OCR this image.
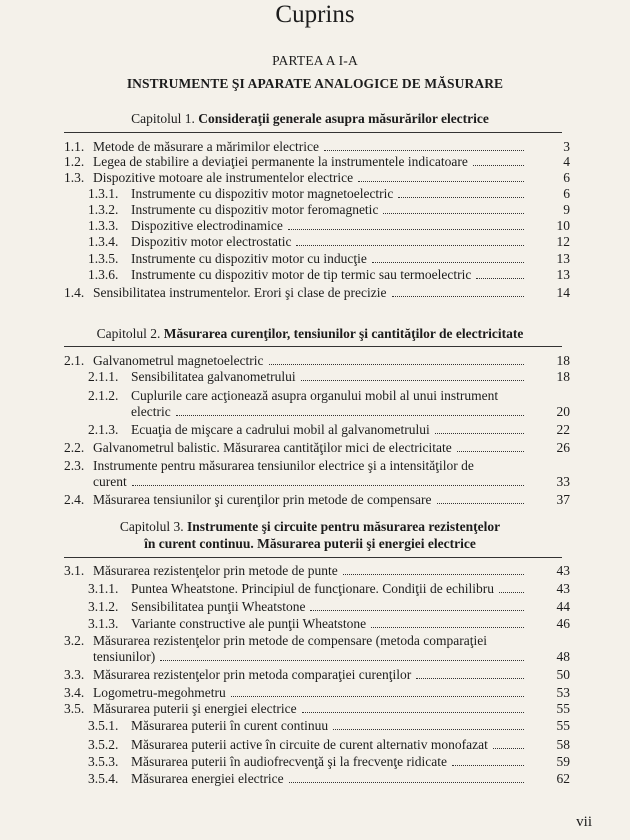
Cuprins
PARTEA A I-A
INSTRUMENTE ŞI APARATE ANALOGICE DE MĂSURARE
Capitolul 1. Consideraţii generale asupra măsurărilor electrice
Capitolul 2. Măsurarea curenţilor, tensiunilor şi cantităţilor de electricitate
Capitolul 3. Instrumente şi circuite pentru măsurarea rezistenţelor
în curent continuu. Măsurarea puterii şi energiei electrice
1.1. Metode de măsurare a mărimilor electrice	3
1.2. Legea de stabilire a deviaţiei permanente la instrumentele indicatoare	4
1.3. Dispozitive motoare ale instrumentelor electrice	6
1.3.1. Instrumente cu dispozitiv motor magnetoelectric	6
1.3.2. Instrumente cu dispozitiv motor feromagnetic	9
1.3.3. Dispozitive electrodinamice	10
1.3.4. Dispozitiv motor electrostatic	12
1.3.5. Instrumente cu dispozitiv motor cu inducţie	13
1.3.6. Instrumente cu dispozitiv motor de tip termic sau termoelectric	13
1.4. Sensibilitatea instrumentelor. Erori şi clase de precizie	14
2.1. Galvanometrul magnetoelectric	18
2.1.1. Sensibilitatea galvanometrului	18
2.1.2. Cuplurile care acţionează asupra organului mobil al unui instrument
electric	20
2.1.3. Ecuaţia de mişcare a cadrului mobil al galvanometrului	22
2.2. Galvanometrul balistic. Măsurarea cantităţilor mici de electricitate	26
2.3. Instrumente pentru măsurarea tensiunilor electrice şi a intensităţilor de
curent	33
2.4. Măsurarea tensiunilor şi curenţilor prin metode de compensare	37
3.1. Măsurarea rezistenţelor prin metode de punte	43
3.1.1. Puntea Wheatstone. Principiul de funcţionare. Condiţii de echilibru	43
3.1.2. Sensibilitatea punţii Wheatstone	44
3.1.3. Variante constructive ale punţii Wheatstone	46
3.2. Măsurarea rezistenţelor prin metode de compensare (metoda comparaţiei
tensiunilor)	48
3.3. Măsurarea rezistenţelor prin metoda comparaţiei curenţilor	50
3.4. Logometru-megohmetru	53
3.5. Măsurarea puterii şi energiei electrice	55
3.5.1. Măsurarea puterii în curent continuu	55
3.5.2. Măsurarea puterii active în circuite de curent alternativ monofazat	58
3.5.3. Măsurarea puterii în audiofrecvenţă şi la frecvenţe ridicate	59
3.5.4. Măsurarea energiei electrice	62
vii
